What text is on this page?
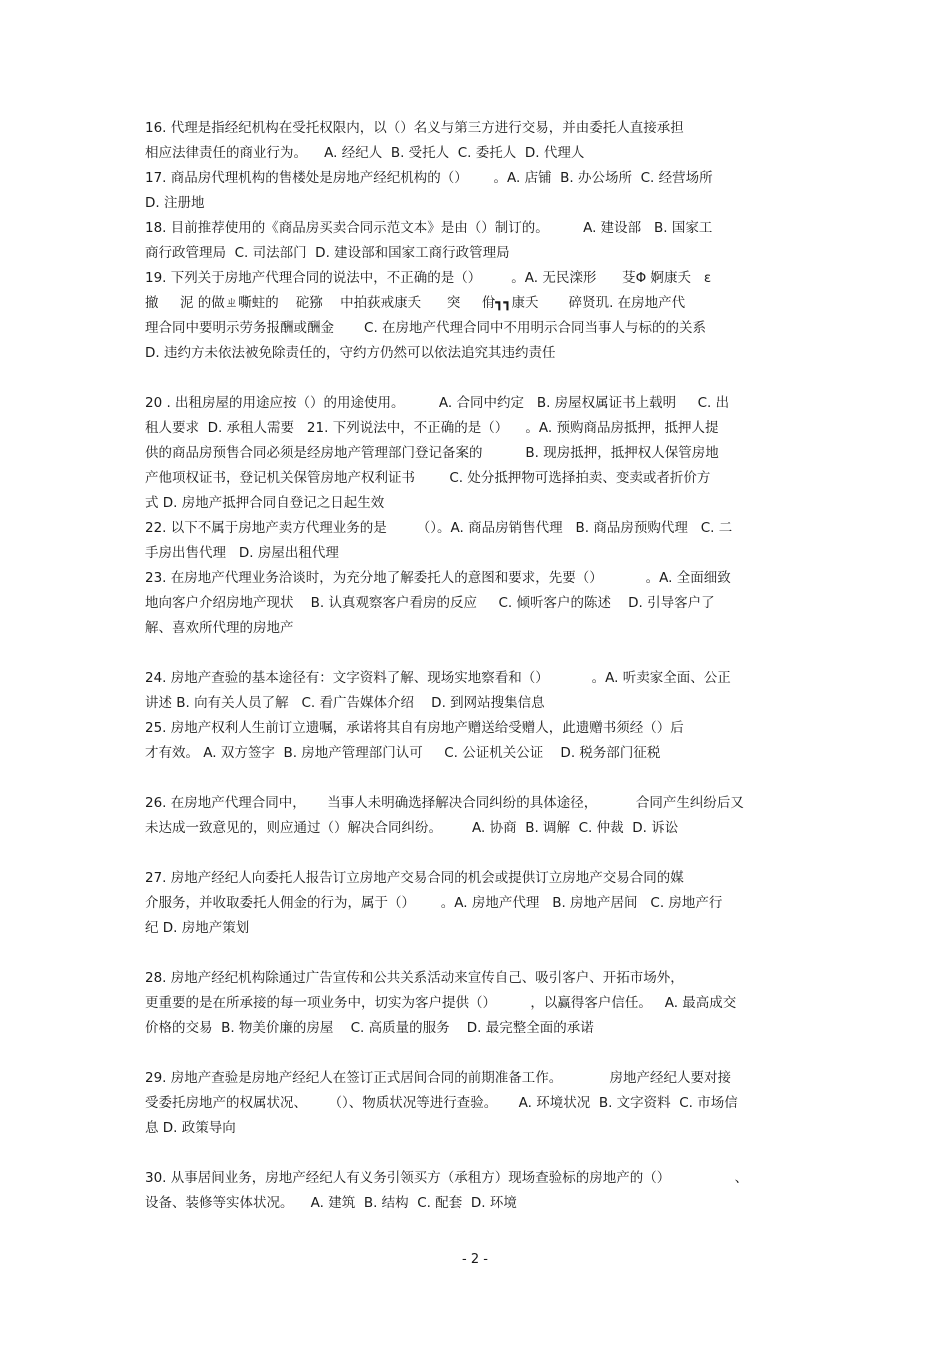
16. 代理是指经纪机构在受托权限内，以（）名义与第三方进行交易，并由委托人直接承担
相应法律责任的商业行为。    A. 经纪人  B. 受托人  C. 委托人  D. 代理人
17. 商品房代理机构的售楼处是房地产经纪机构的（）      。A. 店铺  B. 办公场所  C. 经营场所
D. 注册地
18. 目前推荐使用的《商品房买卖合同示范文本》是由（）制订的。        A. 建设部   B. 国家工
商行政管理局  C. 司法部门  D. 建设部和国家工商行政管理局
19. 下列关于房地产代理合同的说法中，不正确的是（）       。A. 无民滦形      芟Φ 婀康夭   ε
撤     泥 的做ㄓ嘶蛀的    砣猕    中拍荻戒康夭      突     佾┓┓康夭       碎贤玑. 在房地产代
理合同中要明示劳务报酬或酬金       C. 在房地产代理合同中不用明示合同当事人与标的的关系
D. 违约方未依法被免除责任的，守约方仍然可以依法追究其违约责任
20 . 出租房屋的用途应按（）的用途使用。        A. 合同中约定   B. 房屋权属证书上载明     C. 出
租人要求  D. 承租人需要   21. 下列说法中，不正确的是（）    。A. 预购商品房抵押，抵押人提
供的商品房预售合同必须是经房地产管理部门登记备案的          B. 现房抵押，抵押权人保管房地
产他项权证书，登记机关保管房地产权利证书        C. 处分抵押物可选择拍卖、变卖或者折价方
式 D. 房地产抵押合同自登记之日起生效
22. 以下不属于房地产卖方代理业务的是       （）。A. 商品房销售代理   B. 商品房预购代理   C. 二
手房出售代理   D. 房屋出租代理
23. 在房地产代理业务洽谈时，为充分地了解委托人的意图和要求，先要（）          。A. 全面细致
地向客户介绍房地产现状    B. 认真观察客户看房的反应     C. 倾听客户的陈述    D. 引导客户了
解、喜欢所代理的房地产
24. 房地产查验的基本途径有：文字资料了解、现场实地察看和（）          。A. 听卖家全面、公正
讲述 B. 向有关人员了解   C. 看广告媒体介绍    D. 到网站搜集信息
25. 房地产权利人生前订立遗嘱，承诺将其自有房地产赠送给受赠人，此遗赠书须经（）后
才有效。 A. 双方签字  B. 房地产管理部门认可     C. 公证机关公证    D. 税务部门征税
26. 在房地产代理合同中，     当事人未明确选择解决合同纠纷的具体途径，         合同产生纠纷后又
未达成一致意见的，则应通过（）解决合同纠纷。       A. 协商  B. 调解  C. 仲裁  D. 诉讼
27. 房地产经纪人向委托人报告订立房地产交易合同的机会或提供订立房地产交易合同的媒
介服务，并收取委托人佣金的行为，属于（）      。A. 房地产代理   B. 房地产居间   C. 房地产行
纪 D. 房地产策划
28. 房地产经纪机构除通过广告宣传和公共关系活动来宣传自己、吸引客户、开拓市场外，
更重要的是在所承接的每一项业务中，切实为客户提供（）        ，以赢得客户信任。   A. 最高成交
价格的交易  B. 物美价廉的房屋    C. 高质量的服务    D. 最完整全面的承诺
29. 房地产查验是房地产经纪人在签订正式居间合同的前期准备工作。           房地产经纪人要对接
受委托房地产的权属状况、     （）、物质状况等进行查验。     A. 环境状况  B. 文字资料  C. 市场信
息 D. 政策导向
30. 从事居间业务，房地产经纪人有义务引领买方（承租方）现场查验标的房地产的（）               、
设备、装修等实体状况。    A. 建筑  B. 结构  C. 配套  D. 环境
- 2 -
